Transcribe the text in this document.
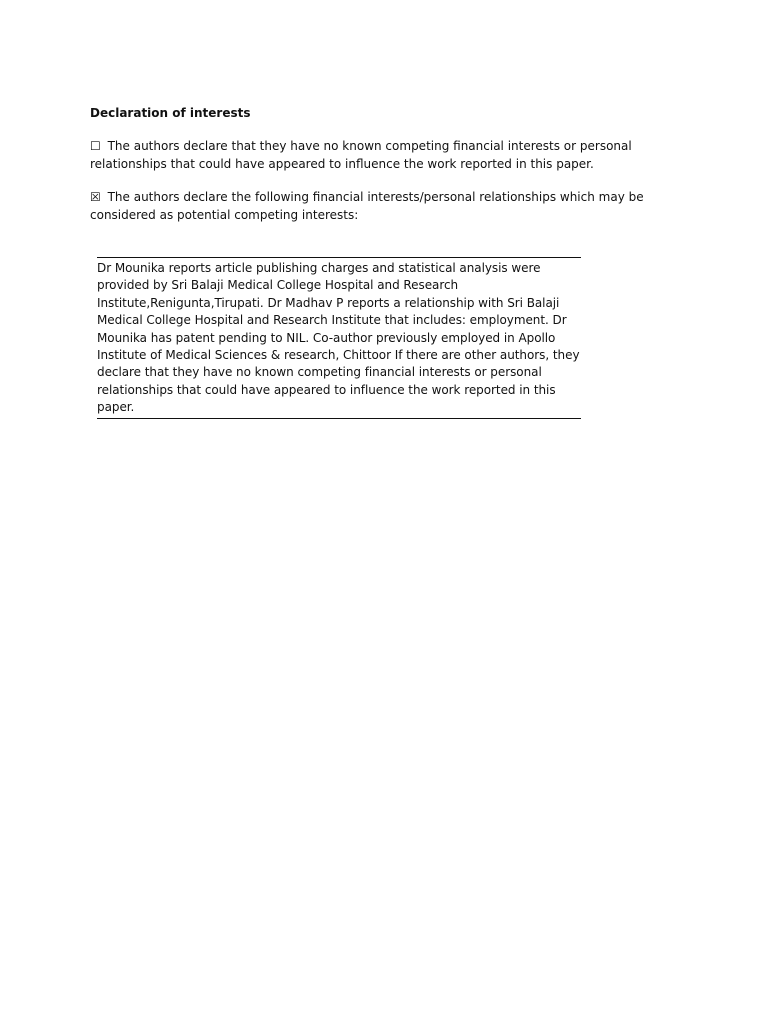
Declaration of interests

☐ The authors declare that they have no known competing financial interests or personal relationships that could have appeared to influence the work reported in this paper.

☒ The authors declare the following financial interests/personal relationships which may be considered as potential competing interests:

Dr Mounika reports article publishing charges and statistical analysis were provided by Sri Balaji Medical College Hospital and Research Institute,Renigunta,Tirupati. Dr Madhav P reports a relationship with Sri Balaji Medical College Hospital and Research Institute that includes: employment. Dr Mounika has patent pending to NIL. Co-author previously employed in Apollo Institute of Medical Sciences & research, Chittoor If there are other authors, they declare that they have no known competing financial interests or personal relationships that could have appeared to influence the work reported in this paper.
